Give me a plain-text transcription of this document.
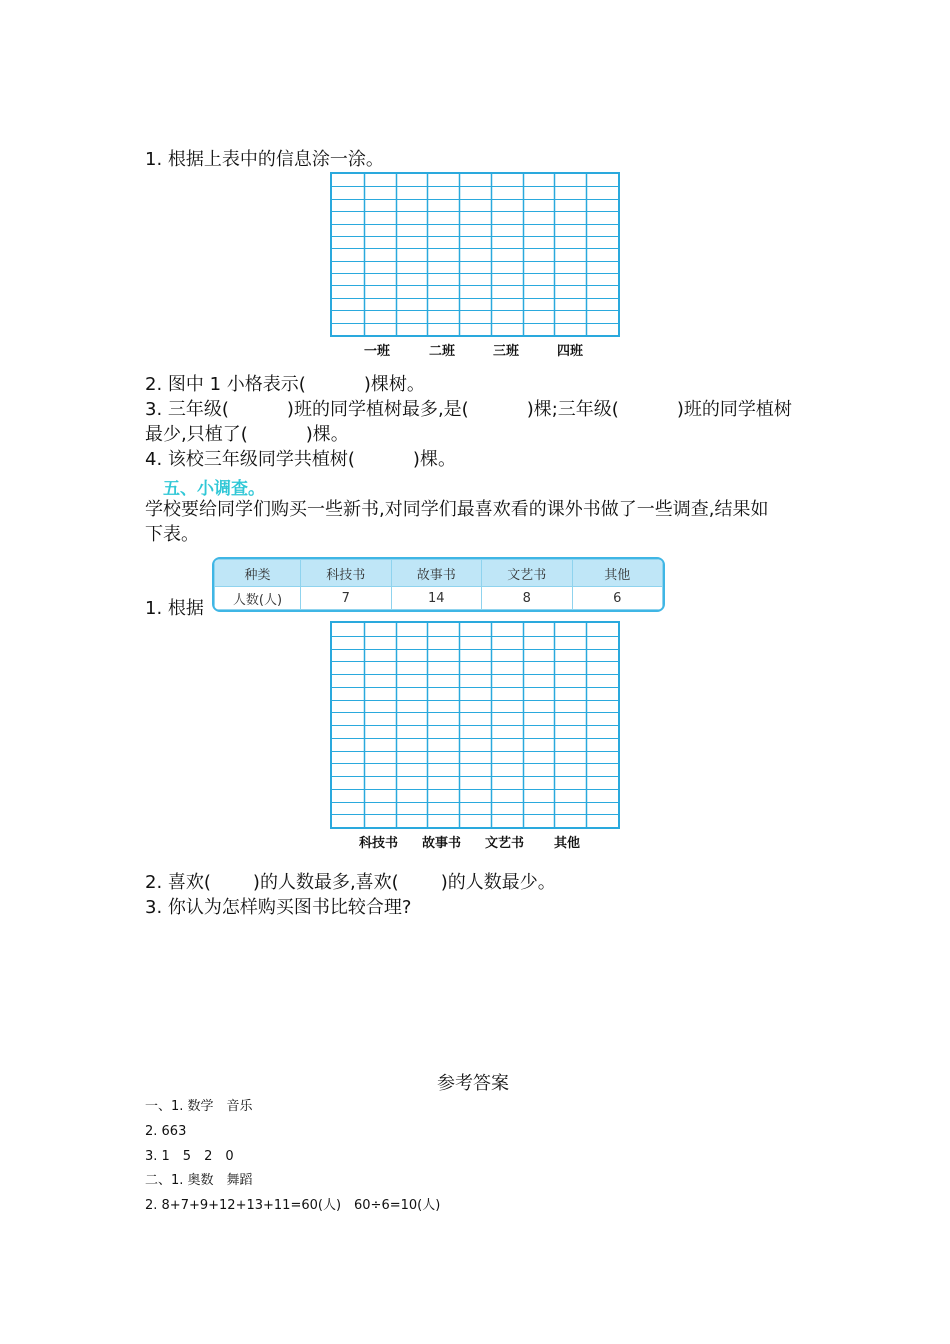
1. 根据上表中的信息涂一涂。
一班	二班	三班	四班
2. 图中 1 小格表示(	)棵树。
3. 三年级(	)班的同学植树最多,是(	)棵;三年级(	)班的同学植树
最少,只植了(	)棵。
4. 该校三年级同学共植树(	)棵。
五、小调查。
学校要给同学们购买一些新书,对同学们最喜欢看的课外书做了一些调查,结果如
下表。
1. 根据
种类	科技书	故事书	文艺书	其他
人数(人)	7	14	8	6
科技书 故事书 文艺书 其他
2. 喜欢( )的人数最多,喜欢( )的人数最少。
3. 你认为怎样购买图书比较合理?
参考答案
一、1. 数学　音乐
2. 663
3. 1　5　2　0
二、1. 奥数　舞蹈
2. 8+7+9+12+13+11=60(人)　60÷6=10(人)
